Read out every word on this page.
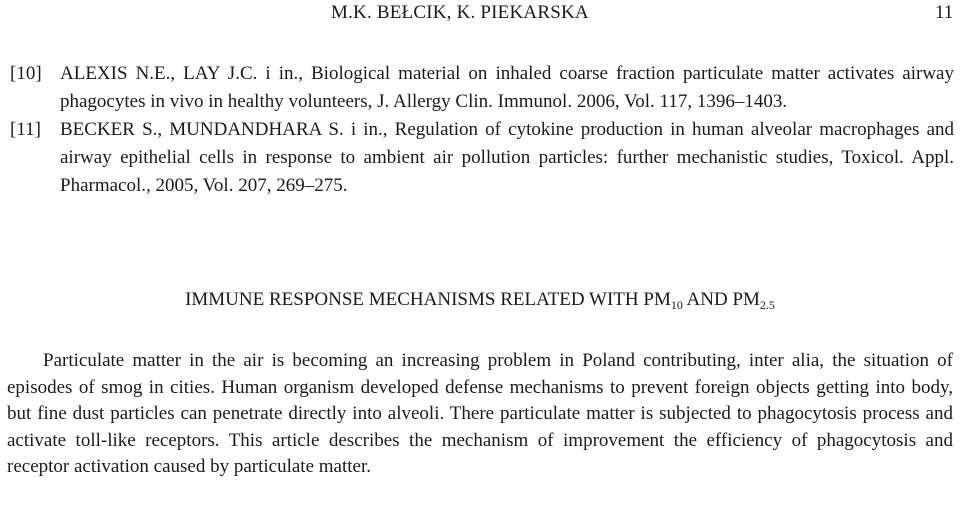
M.K. BEŁCIK, K. PIEKARSKA	11

[10] ALEXIS N.E., LAY J.C. i in., Biological material on inhaled coarse fraction particulate matter activates airway phagocytes in vivo in healthy volunteers, J. Allergy Clin. Immunol. 2006, Vol. 117, 1396–1403.

[11] BECKER S., MUNDANDHARA S. i in., Regulation of cytokine production in human alveolar macrophages and airway epithelial cells in response to ambient air pollution particles: further mechanistic studies, Toxicol. Appl. Pharmacol., 2005, Vol. 207, 269–275.

IMMUNE RESPONSE MECHANISMS RELATED WITH $PM_{10}$ AND $PM_{2.5}$

Particulate matter in the air is becoming an increasing problem in Poland contributing, inter alia, the situation of episodes of smog in cities. Human organism developed defense mechanisms to prevent foreign objects getting into body, but fine dust particles can penetrate directly into alveoli. There particulate matter is subjected to phagocytosis process and activate toll-like receptors. This article describes the mechanism of improvement the efficiency of phagocytosis and receptor activation caused by particulate matter.
